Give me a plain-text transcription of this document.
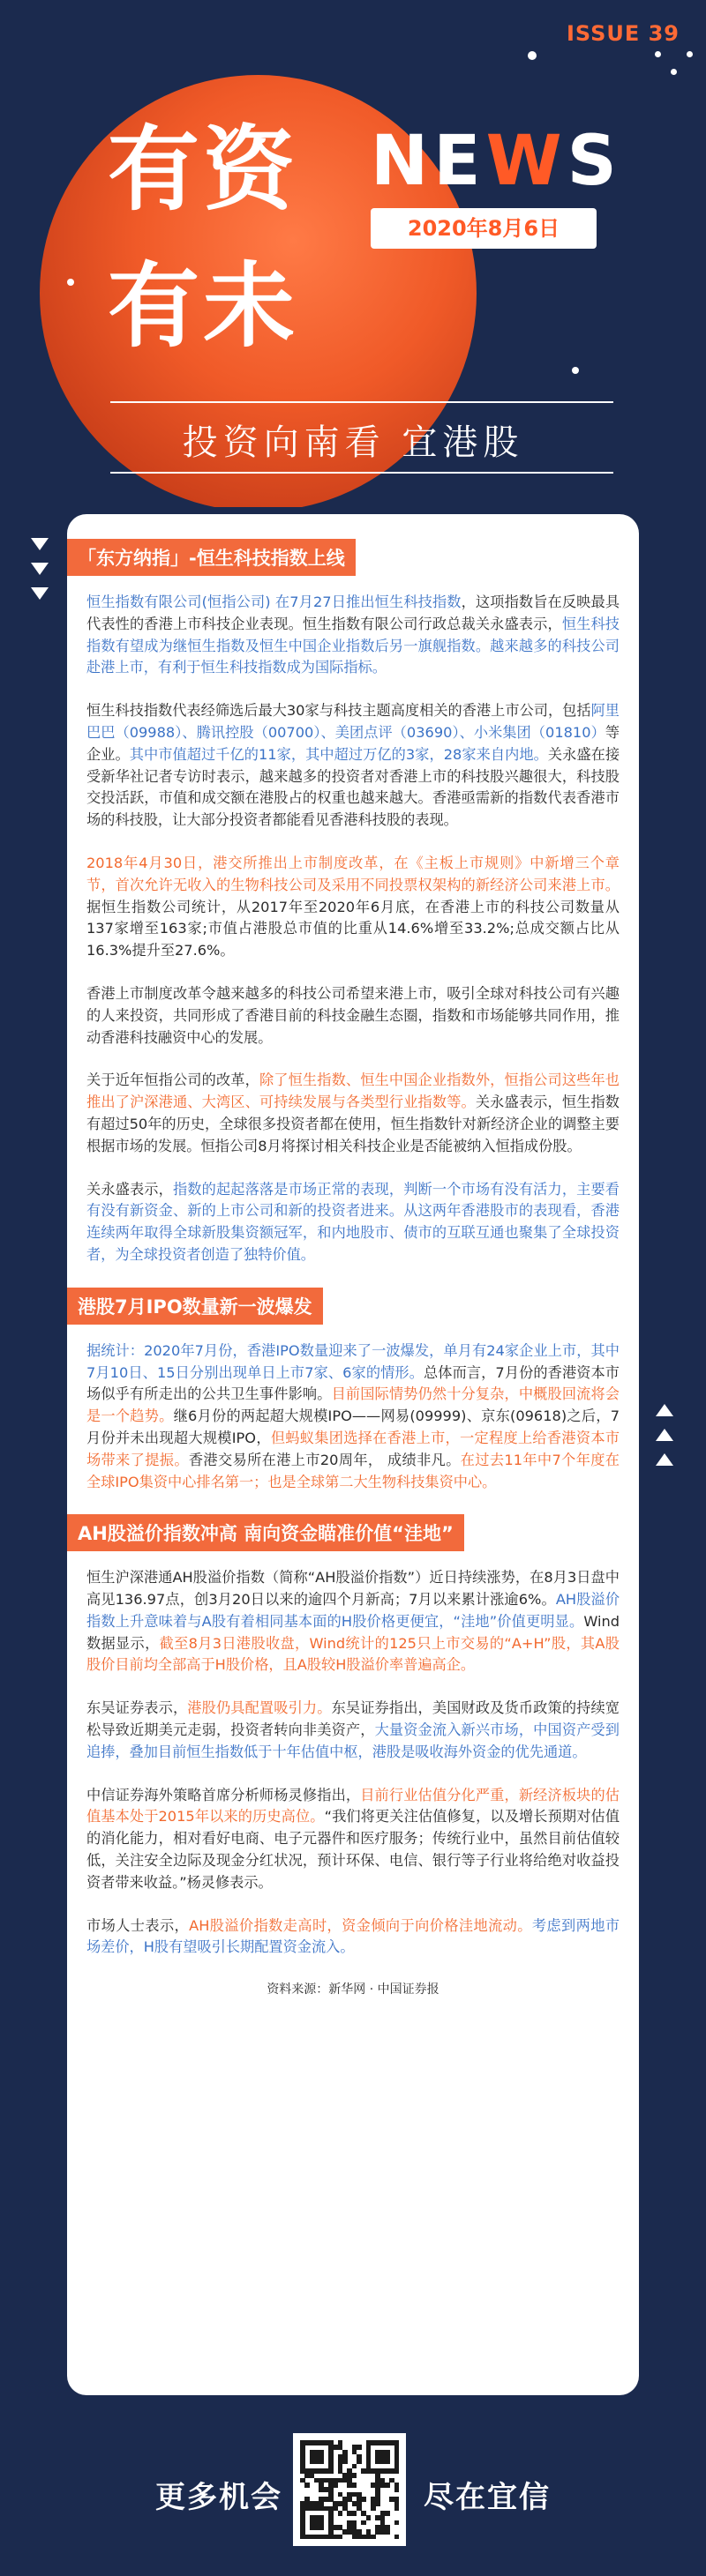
ISSUE 39
有资
有未
NEWS
2020年8月6日
投资向南看 宜港股
「东方纳指」-恒生科技指数上线

恒生指数有限公司(恒指公司) 在7月27日推出恒生科技指数，这项指数旨在反映最具代表性的香港上市科技企业表现。恒生指数有限公司行政总裁关永盛表示，恒生科技指数有望成为继恒生指数及恒生中国企业指数后另一旗舰指数。越来越多的科技公司赴港上市，有利于恒生科技指数成为国际指标。

恒生科技指数代表经筛选后最大30家与科技主题高度相关的香港上市公司，包括阿里巴巴（09988）、腾讯控股（00700）、美团点评（03690）、小米集团（01810）等企业。其中市值超过千亿的11家，其中超过万亿的3家，28家来自内地。关永盛在接受新华社记者专访时表示，越来越多的投资者对香港上市的科技股兴趣很大，科技股交投活跃，市值和成交额在港股占的权重也越来越大。香港亟需新的指数代表香港市场的科技股，让大部分投资者都能看见香港科技股的表现。

2018年4月30日，港交所推出上市制度改革，在《主板上市规则》中新增三个章节，首次允许无收入的生物科技公司及采用不同投票权架构的新经济公司来港上市。据恒生指数公司统计，从2017年至2020年6月底，在香港上市的科技公司数量从137家增至163家;市值占港股总市值的比重从14.6%增至33.2%;总成交额占比从16.3%提升至27.6%。

香港上市制度改革令越来越多的科技公司希望来港上市，吸引全球对科技公司有兴趣的人来投资，共同形成了香港目前的科技金融生态圈，指数和市场能够共同作用，推动香港科技融资中心的发展。

关于近年恒指公司的改革，除了恒生指数、恒生中国企业指数外，恒指公司这些年也推出了沪深港通、大湾区、可持续发展与各类型行业指数等。关永盛表示，恒生指数有超过50年的历史，全球很多投资者都在使用，恒生指数针对新经济企业的调整主要根据市场的发展。恒指公司8月将探讨相关科技企业是否能被纳入恒指成份股。

关永盛表示，指数的起起落落是市场正常的表现，判断一个市场有没有活力，主要看有没有新资金、新的上市公司和新的投资者进来。从这两年香港股市的表现看，香港连续两年取得全球新股集资额冠军，和内地股市、债市的互联互通也聚集了全球投资者，为全球投资者创造了独特价值。

港股7月IPO数量新一波爆发

据统计：2020年7月份，香港IPO数量迎来了一波爆发，单月有24家企业上市，其中7月10日、15日分别出现单日上市7家、6家的情形。总体而言，7月份的香港资本市场似乎有所走出的公共卫生事件影响。目前国际情势仍然十分复杂，中概股回流将会是一个趋势。继6月份的两起超大规模IPO——网易(09999)、京东(09618)之后，7月份并未出现超大规模IPO，但蚂蚁集团选择在香港上市，一定程度上给香港资本市场带来了提振。香港交易所在港上市20周年， 成绩非凡。在过去11年中7个年度在全球IPO集资中心排名第一；也是全球第二大生物科技集资中心。

AH股溢价指数冲高 南向资金瞄准价值“洼地”

恒生沪深港通AH股溢价指数（简称“AH股溢价指数”）近日持续涨势，在8月3日盘中高见136.97点，创3月20日以来的逾四个月新高；7月以来累计涨逾6%。AH股溢价指数上升意味着与A股有着相同基本面的H股价格更便宜，“洼地”价值更明显。Wind数据显示，截至8月3日港股收盘，Wind统计的125只上市交易的“A+H”股，其A股股价目前均全部高于H股价格，且A股较H股溢价率普遍高企。

东吴证券表示，港股仍具配置吸引力。东吴证券指出，美国财政及货币政策的持续宽松导致近期美元走弱，投资者转向非美资产，大量资金流入新兴市场，中国资产受到追捧，叠加目前恒生指数低于十年估值中枢，港股是吸收海外资金的优先通道。

中信证券海外策略首席分析师杨灵修指出，目前行业估值分化严重，新经济板块的估值基本处于2015年以来的历史高位。“我们将更关注估值修复，以及增长预期对估值的消化能力，相对看好电商、电子元器件和医疗服务；传统行业中，虽然目前估值较低，关注安全边际及现金分红状况，预计环保、电信、银行等子行业将给绝对收益投资者带来收益。”杨灵修表示。

市场人士表示，AH股溢价指数走高时，资金倾向于向价格洼地流动。考虑到两地市场差价，H股有望吸引长期配置资金流入。

资料来源：新华网 · 中国证券报
更多机会	尽在宜信
